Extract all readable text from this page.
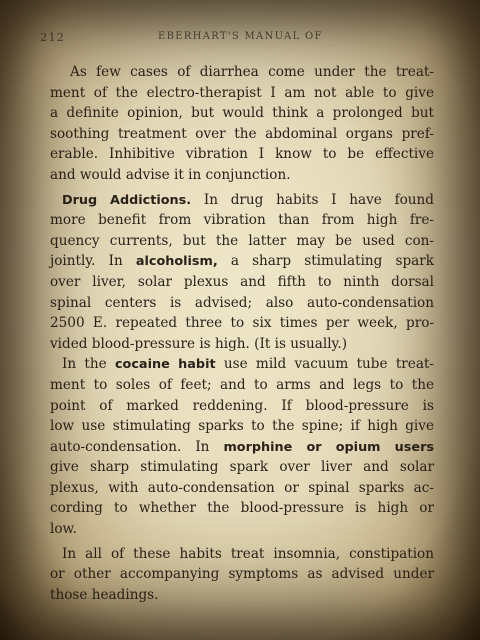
212	EBERHART'S MANUAL OF
As few cases of diarrhea come under the treat-
ment of the electro-therapist I am not able to give
a definite opinion, but would think a prolonged but
soothing treatment over the abdominal organs pref-
erable. Inhibitive vibration I know to be effective
and would advise it in conjunction.
Drug Addictions. In drug habits I have found
more benefit from vibration than from high fre-
quency currents, but the latter may be used con-
jointly. In alcoholism, a sharp stimulating spark
over liver, solar plexus and fifth to ninth dorsal
spinal centers is advised; also auto-condensation
2500 E. repeated three to six times per week, pro-
vided blood-pressure is high. (It is usually.)
In the cocaine habit use mild vacuum tube treat-
ment to soles of feet; and to arms and legs to the
point of marked reddening. If blood-pressure is
low use stimulating sparks to the spine; if high give
auto-condensation. In morphine or opium users
give sharp stimulating spark over liver and solar
plexus, with auto-condensation or spinal sparks ac-
cording to whether the blood-pressure is high or
low.
In all of these habits treat insomnia, constipation
or other accompanying symptoms as advised under
those headings.
